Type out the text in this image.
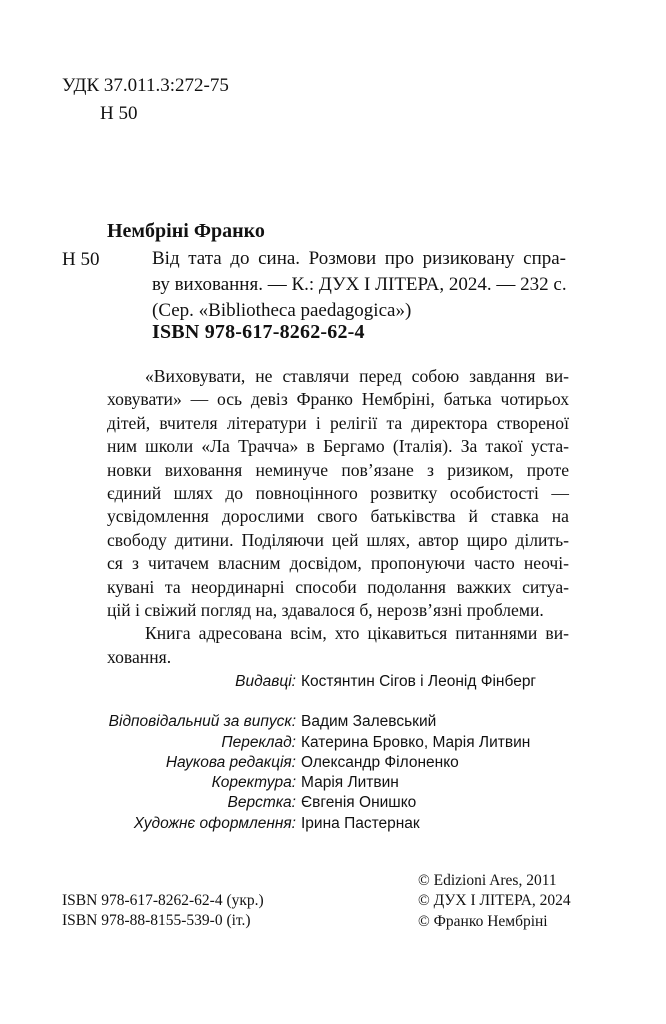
УДК 37.011.3:272-75
Н 50
Нембріні Франко
Н 50	Від тата до сина. Розмови про ризиковану спра-
ву виховання. — К.: ДУХ І ЛІТЕРА, 2024. — 232 с.
(Сер. «Bibliotheca paedagogica»)
ISBN 978-617-8262-62-4
«Виховувати, не ставлячи перед собою завдання ви-
ховувати» — ось девіз Франко Нембріні, батька чотирьох
дітей, вчителя літератури і релігії та директора створеної
ним школи «Ла Трачча» в Бергамо (Італія). За такої уста-
новки виховання неминуче пов’язане з ризиком, проте
єдиний шлях до повноцінного розвитку особистості —
усвідомлення дорослими свого батьківства й ставка на
свободу дитини. Поділяючи цей шлях, автор щиро ділить-
ся з читачем власним досвідом, пропонуючи часто неочі-
кувані та неординарні способи подолання важких ситуа-
цій і свіжий погляд на, здавалося б, нерозв’язні проблеми.
Книга адресована всім, хто цікавиться питаннями ви-
ховання.
Видавці: Костянтин Сігов і Леонід Фінберг
Відповідальний за випуск: Вадим Залевський
Переклад: Катерина Бровко, Марія Литвин
Наукова редакція: Олександр Філоненко
Коректура: Марія Литвин
Верстка: Євгенія Онишко
Художнє оформлення: Ірина Пастернак
ISBN 978-617-8262-62-4 (укр.)
ISBN 978-88-8155-539-0 (іт.)
© Edizioni Ares, 2011
© ДУХ І ЛІТЕРА, 2024
© Франко Нембріні
